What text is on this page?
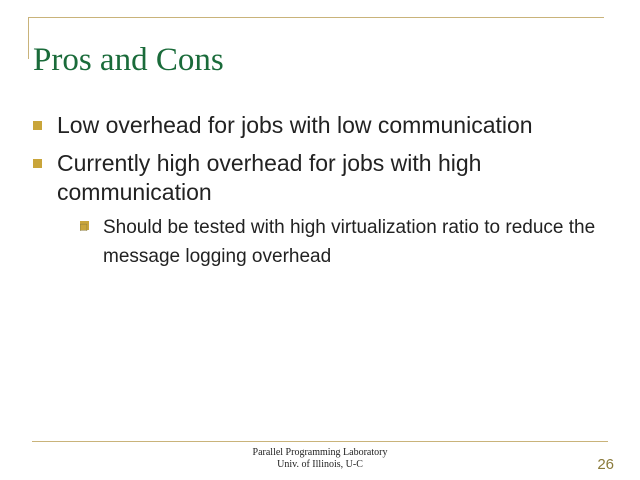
Pros and Cons
Low overhead for jobs with low communication
Currently high overhead for jobs with high communication
□ Should be tested with high virtualization ratio to reduce the message logging overhead
Parallel Programming Laboratory
Univ. of Illinois, U-C	26
